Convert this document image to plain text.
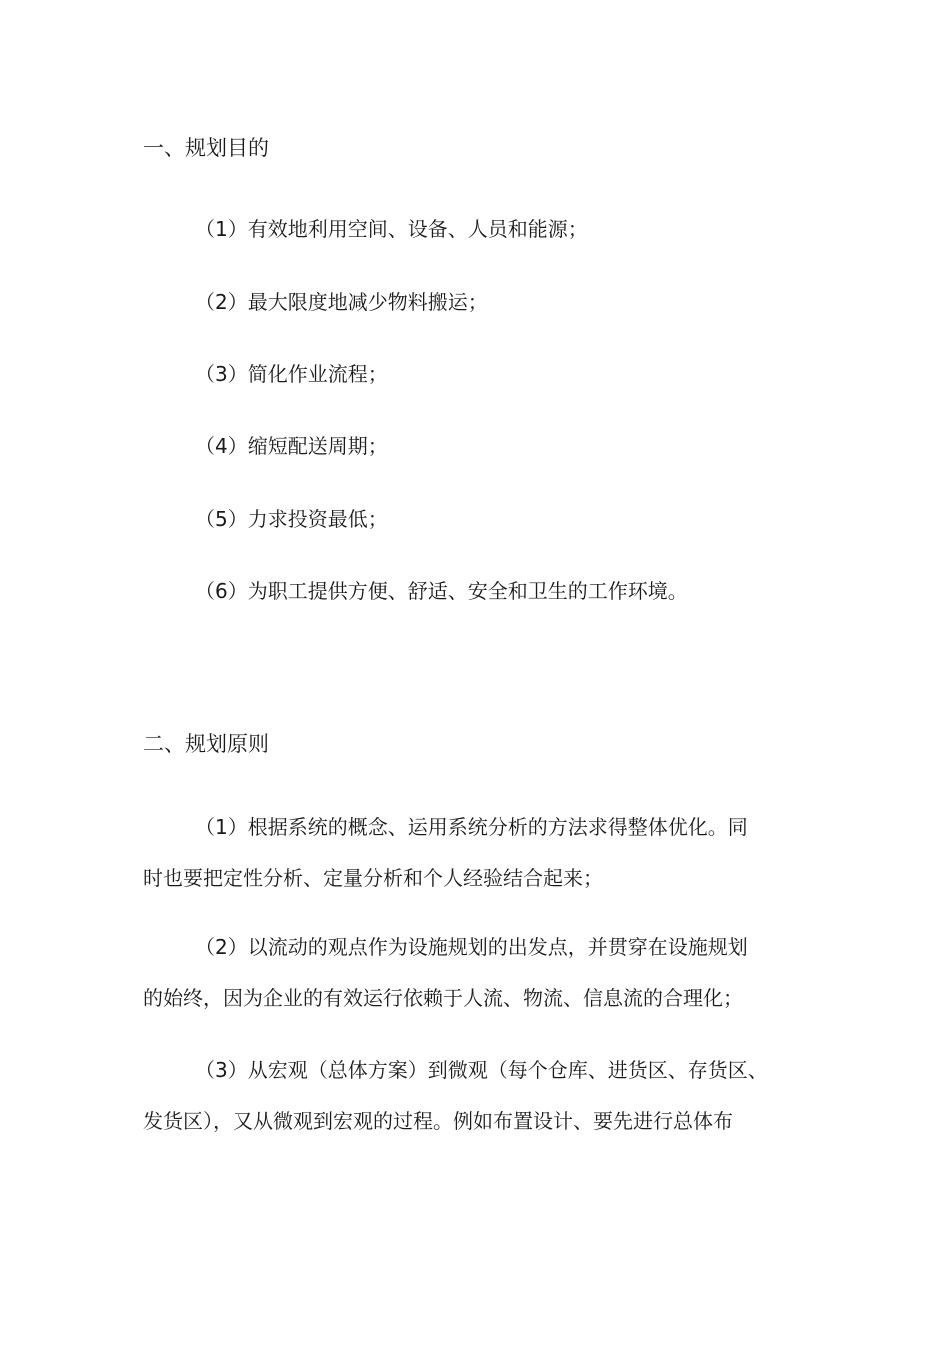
一、规划目的
（1）有效地利用空间、设备、人员和能源；
（2）最大限度地减少物料搬运；
（3）简化作业流程；
（4）缩短配送周期；
（5）力求投资最低；
（6）为职工提供方便、舒适、安全和卫生的工作环境。
二、规划原则
（1）根据系统的概念、运用系统分析的方法求得整体优化。同
时也要把定性分析、定量分析和个人经验结合起来；
（2）以流动的观点作为设施规划的出发点，并贯穿在设施规划
的始终，因为企业的有效运行依赖于人流、物流、信息流的合理化；
（3）从宏观（总体方案）到微观（每个仓库、进货区、存货区、
发货区），又从微观到宏观的过程。例如布置设计、要先进行总体布
